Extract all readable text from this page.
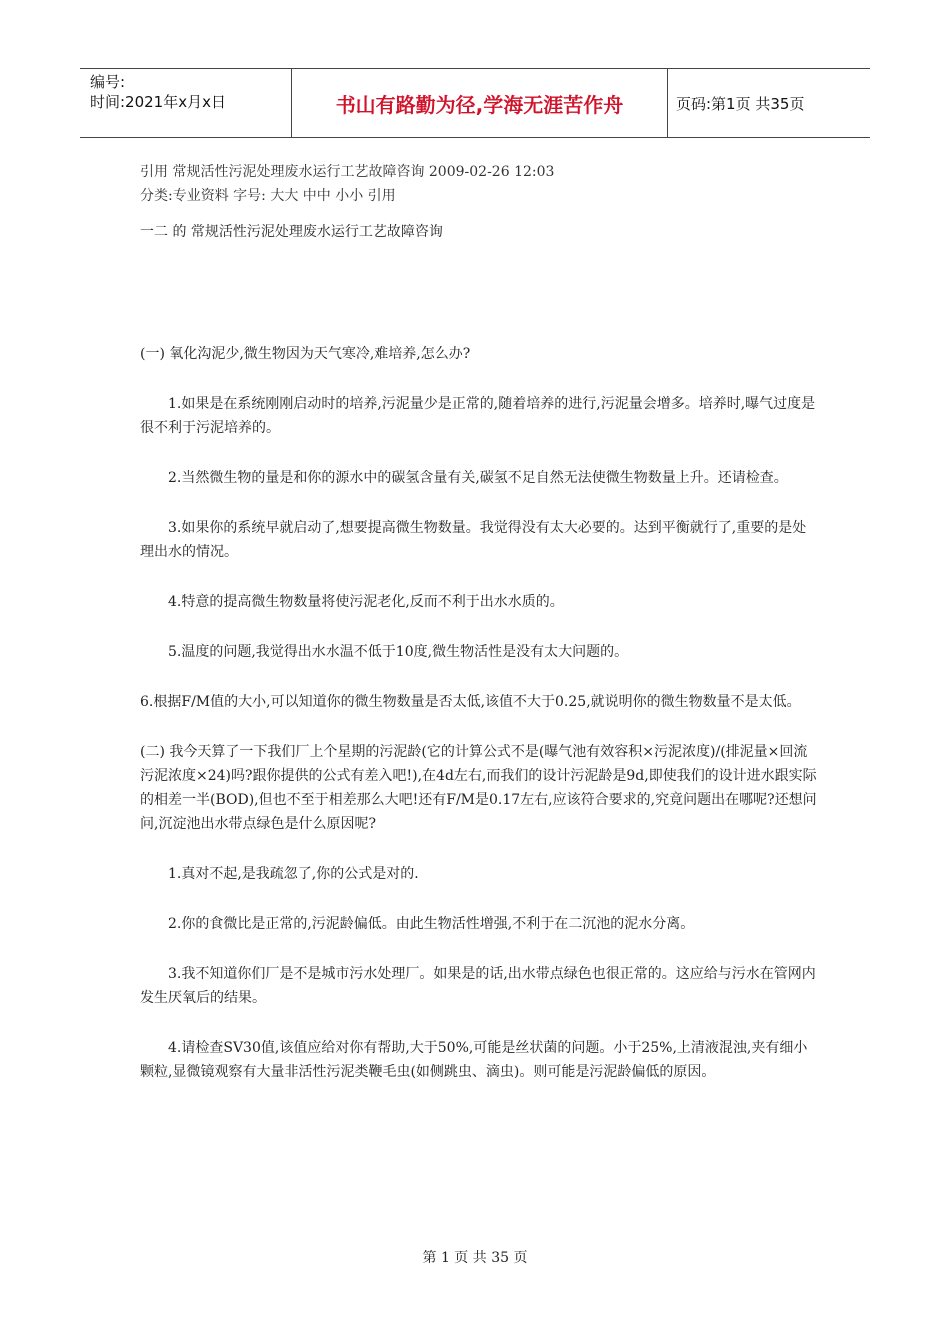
编号:
时间:2021年x月x日	书山有路勤为径,学海无涯苦作舟	页码:第1页 共35页

引用 常规活性污泥处理废水运行工艺故障咨询 2009-02-26 12:03

分类:专业资料 字号: 大大 中中 小小 引用

一二 的 常规活性污泥处理废水运行工艺故障咨询

(一) 氧化沟泥少,微生物因为天气寒冷,难培养,怎么办?

1.如果是在系统刚刚启动时的培养,污泥量少是正常的,随着培养的进行,污泥量会增多。培养时,曝气过度是很不利于污泥培养的。

2.当然微生物的量是和你的源水中的碳氢含量有关,碳氢不足自然无法使微生物数量上升。还请检查。

3.如果你的系统早就启动了,想要提高微生物数量。我觉得没有太大必要的。达到平衡就行了,重要的是处理出水的情况。

4.特意的提高微生物数量将使污泥老化,反而不利于出水水质的。

5.温度的问题,我觉得出水水温不低于10度,微生物活性是没有太大问题的。

6.根据F/M值的大小,可以知道你的微生物数量是否太低,该值不大于0.25,就说明你的微生物数量不是太低。

(二) 我今天算了一下我们厂上个星期的污泥龄(它的计算公式不是(曝气池有效容积×污泥浓度)/(排泥量×回流污泥浓度×24)吗?跟你提供的公式有差入吧!),在4d左右,而我们的设计污泥龄是9d,即使我们的设计进水跟实际的相差一半(BOD),但也不至于相差那么大吧!还有F/M是0.17左右,应该符合要求的,究竟问题出在哪呢?还想问问,沉淀池出水带点绿色是什么原因呢?

1.真对不起,是我疏忽了,你的公式是对的.

2.你的食微比是正常的,污泥龄偏低。由此生物活性增强,不利于在二沉池的泥水分离。

3.我不知道你们厂是不是城市污水处理厂。如果是的话,出水带点绿色也很正常的。这应给与污水在管网内发生厌氧后的结果。

4.请检查SV30值,该值应给对你有帮助,大于50%,可能是丝状菌的问题。小于25%,上清液混浊,夹有细小颗粒,显微镜观察有大量非活性污泥类鞭毛虫(如侧跳虫、滴虫)。则可能是污泥龄偏低的原因。

第 1 页 共 35 页
